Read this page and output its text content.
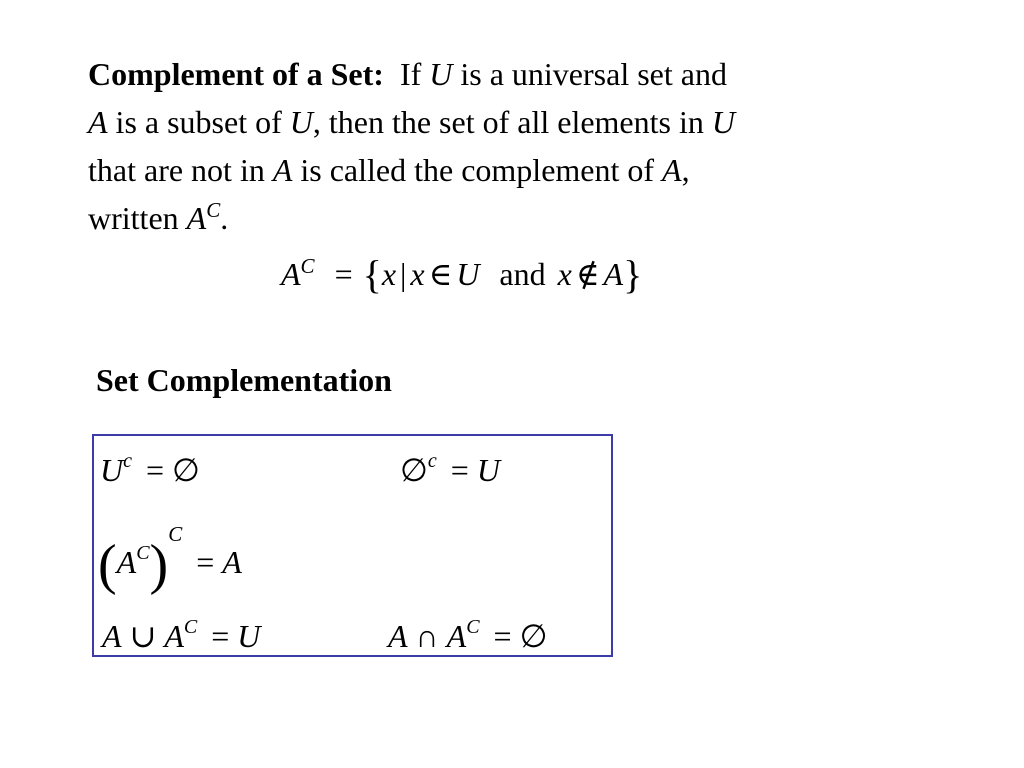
Complement of a Set: If U is a universal set and
A is a subset of U, then the set of all elements in U
that are not in A is called the complement of A,
written $A^C$.
$A^C = \{x$ | x ∈ U and x ∉ A}
Set Complementation
$U^c$ = ∅	∅$^c$ = U
$(A^C)^C= A$
A ∪ $A^C = U$	A ∩ $A^C$ = ∅
